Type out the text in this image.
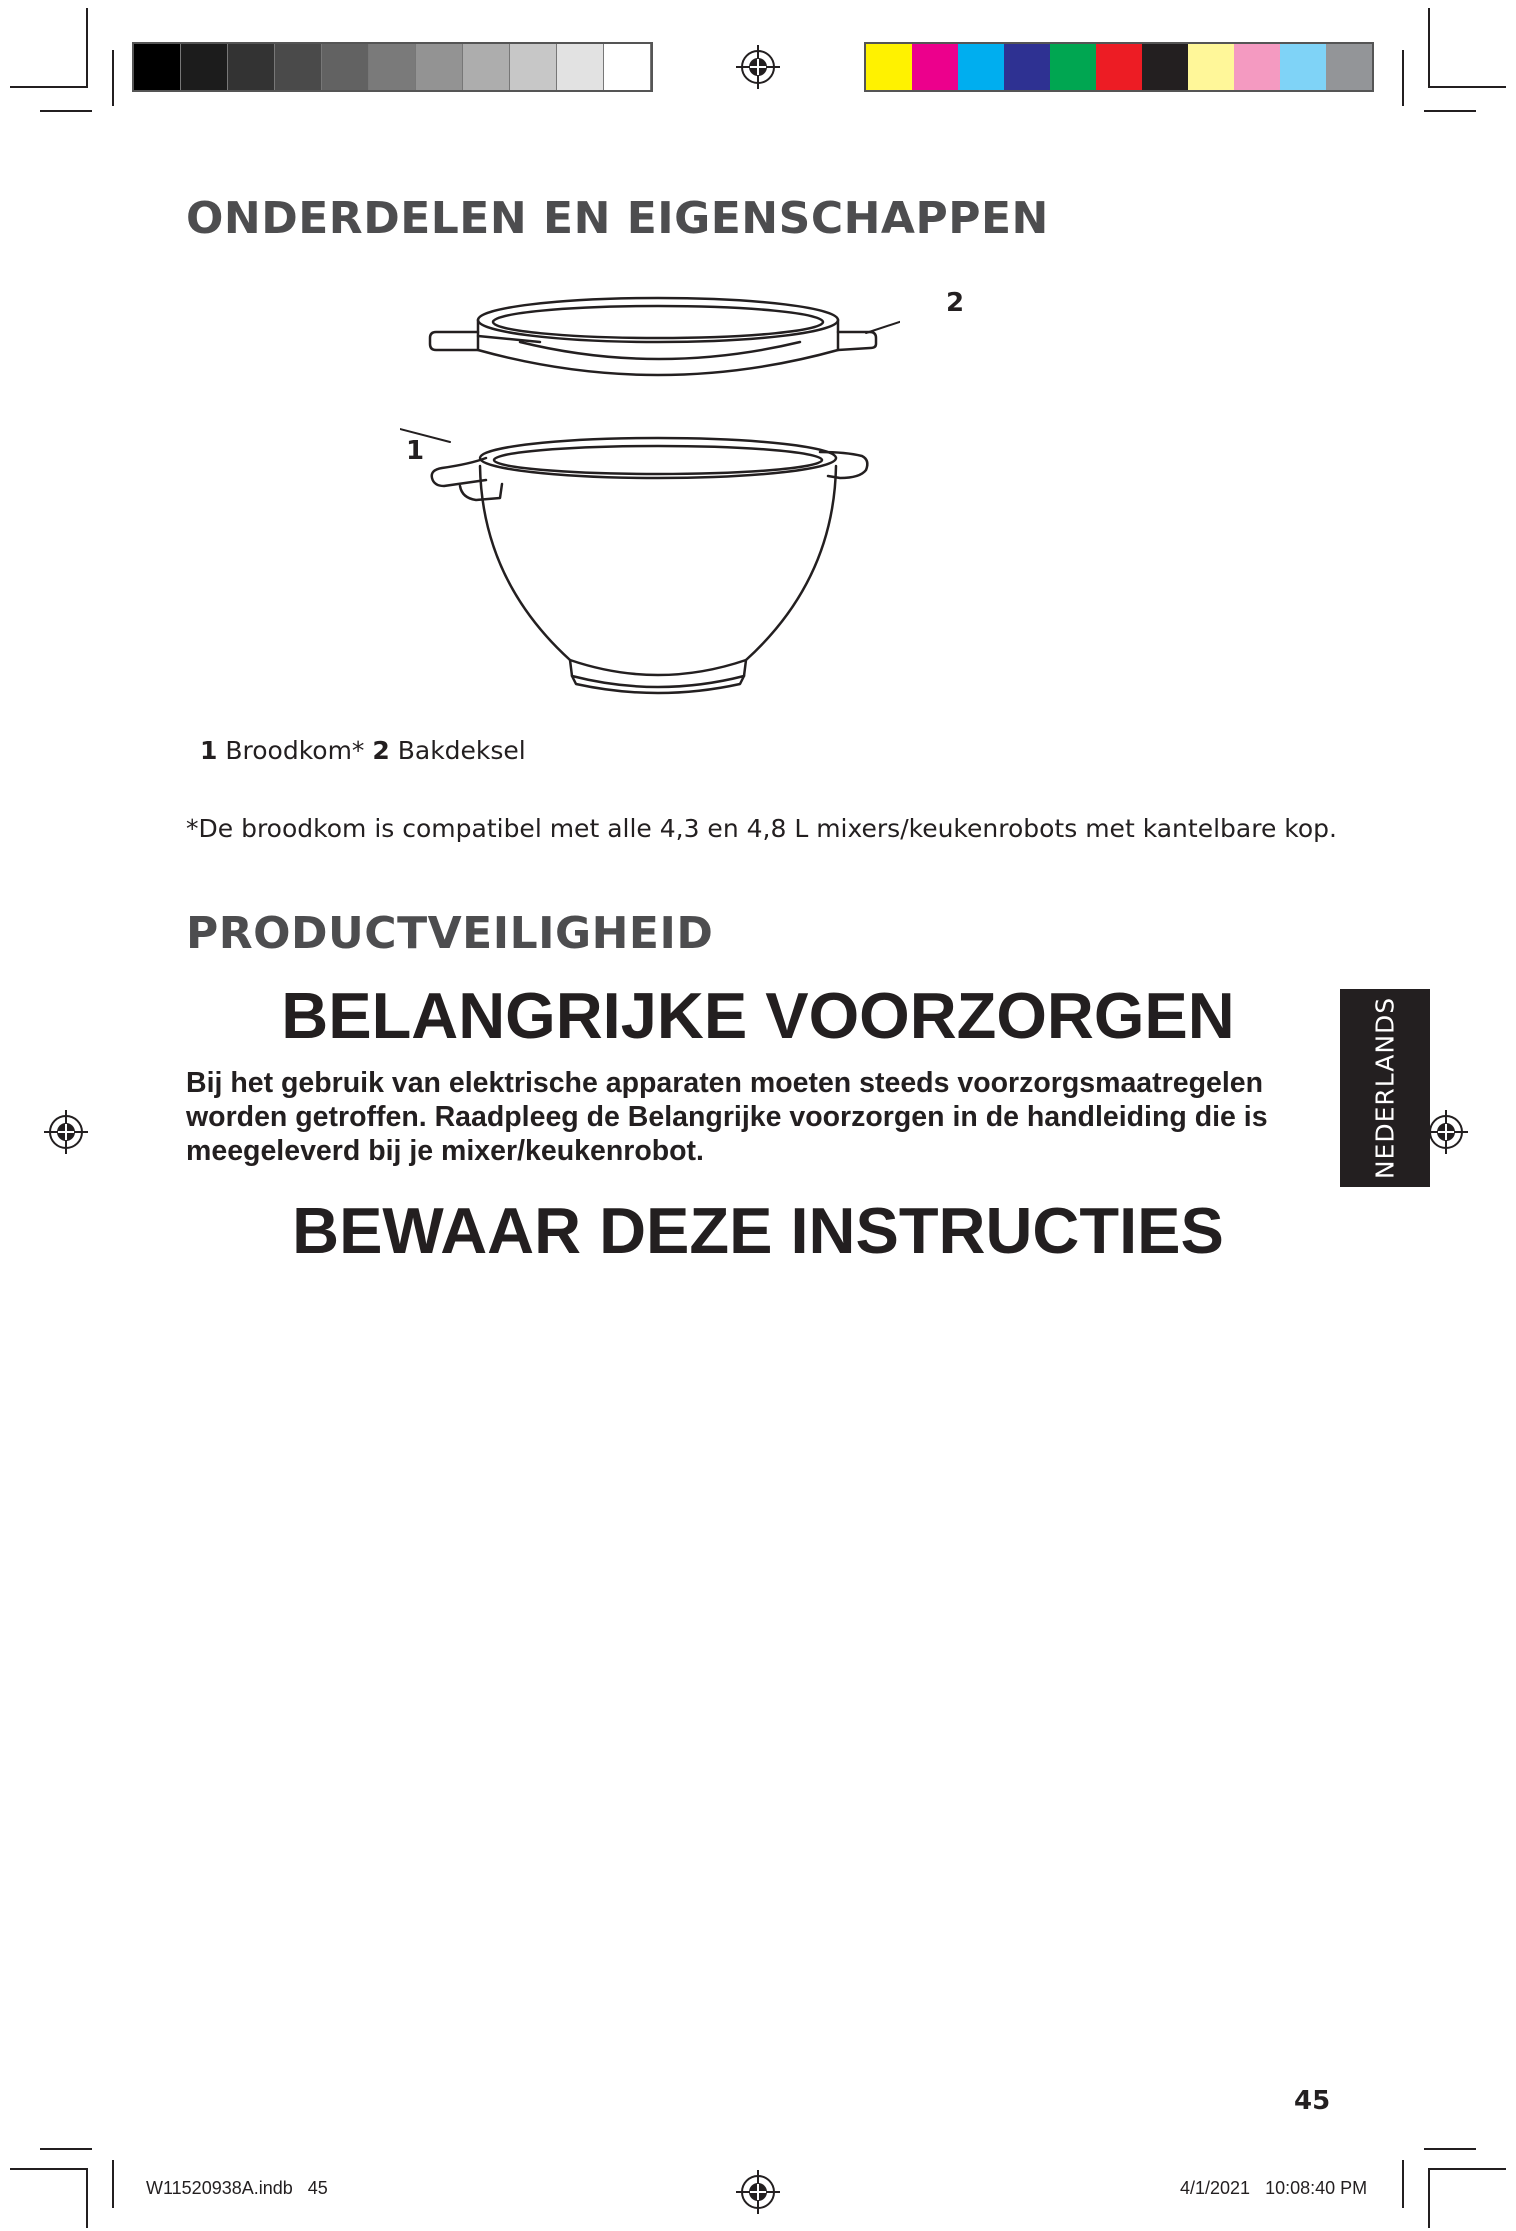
ONDERDELEN EN EIGENSCHAPPEN
1
2
1 Broodkom* 2 Bakdeksel
*De broodkom is compatibel met alle 4,3 en 4,8 L mixers/keukenrobots met kantelbare kop.
PRODUCTVEILIGHEID
BELANGRIJKE VOORZORGEN

Bij het gebruik van elektrische apparaten moeten steeds voorzorgsmaatregelen worden getroffen. Raadpleeg de Belangrijke voorzorgen in de handleiding die is meegeleverd bij je mixer/keukenrobot.

BEWAAR DEZE INSTRUCTIES
NEDERLANDS
45
W11520938A.indb   45	4/1/2021   10:08:40 PM
